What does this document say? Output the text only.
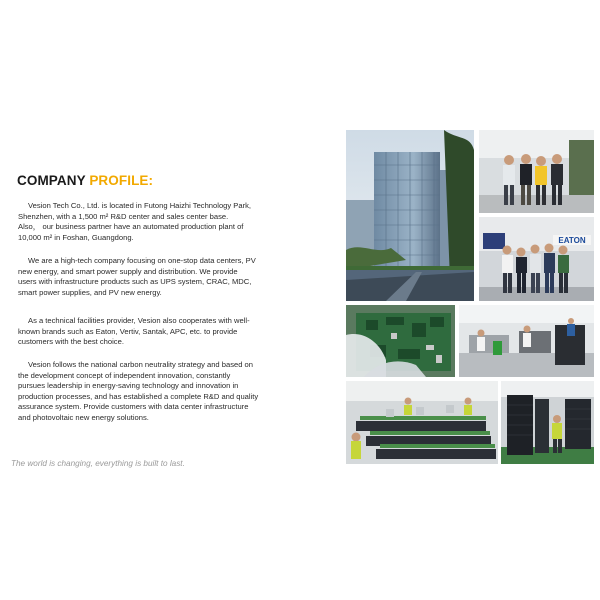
COMPANY PROFILE:

Vesion Tech Co., Ltd. is located in Futong Haizhi Technology Park,
Shenzhen, with a 1,500 m² R&D center and sales center base.
Also， our business partner have an automated production plant of
10,000 m² in Foshan, Guangdong.

We are a high-tech company focusing on one-stop data centers, PV
new energy, and smart power supply and distribution. We provide
users with infrastructure products such as UPS system, CRAC, MDC,
smart power supplies, and PV new energy.

As a technical facilities provider, Vesion also cooperates with well-
known brands such as Eaton, Vertiv, Santak, APC, etc. to provide
customers with the best choice.

Vesion follows the national carbon neutrality strategy and based on
the development concept of independent innovation, constantly
pursues leadership in energy-saving technology and innovation in
production processes, and has established a complete R&D and quality
assurance system. Provide customers with data center infrastructure
and photovoltaic new energy solutions.

The world is changing, everything is built to last.

EATON
